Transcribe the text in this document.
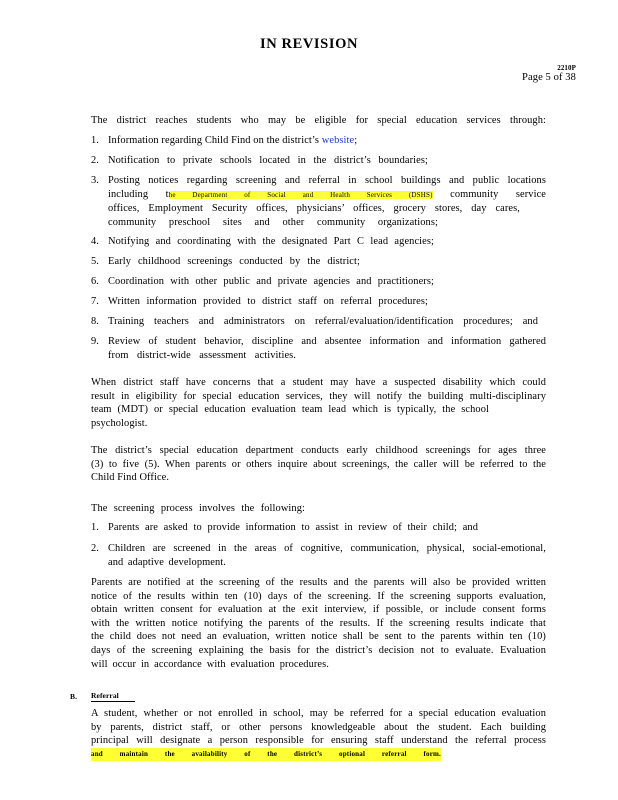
IN REVISION
2210P
Page 5 of 38
The district reaches students who may be eligible for special education services through:
1. Information regarding Child Find on the district’s website;
2. Notification to private schools located in the district’s boundaries;
3. Posting notices regarding screening and referral in school buildings and public locations
including the Department of Social and Health Services (DSHS) community service
offices, Employment Security offices, physicians’ offices, grocery stores, day cares,
community preschool sites and other community organizations;
4. Notifying and coordinating with the designated Part C lead agencies;
5. Early childhood screenings conducted by the district;
6. Coordination with other public and private agencies and practitioners;
7. Written information provided to district staff on referral procedures;
8. Training teachers and administrators on referral/evaluation/identification procedures; and
9. Review of student behavior, discipline and absentee information and information gathered
from district-wide assessment activities.
When district staff have concerns that a student may have a suspected disability which could
result in eligibility for special education services, they will notify the building multi-disciplinary
team (MDT) or special education evaluation team lead which is typically, the school
psychologist.
The district’s special education department conducts early childhood screenings for ages three
(3) to five (5). When parents or others inquire about screenings, the caller will be referred to the
Child Find Office.
The screening process involves the following:
1. Parents are asked to provide information to assist in review of their child; and
2. Children are screened in the areas of cognitive, communication, physical, social-emotional,
and adaptive development.
Parents are notified at the screening of the results and the parents will also be provided written
notice of the results within ten (10) days of the screening. If the screening supports evaluation,
obtain written consent for evaluation at the exit interview, if possible, or include consent forms
with the written notice notifying the parents of the results. If the screening results indicate that
the child does not need an evaluation, written notice shall be sent to the parents within ten (10)
days of the screening explaining the basis for the district’s decision not to evaluate. Evaluation
will occur in accordance with evaluation procedures.
B. Referral
A student, whether or not enrolled in school, may be referred for a special education evaluation
by parents, district staff, or other persons knowledgeable about the student. Each building
principal will designate a person responsible for ensuring staff understand the referral process
and maintain the availability of the district’s optional referral form.
